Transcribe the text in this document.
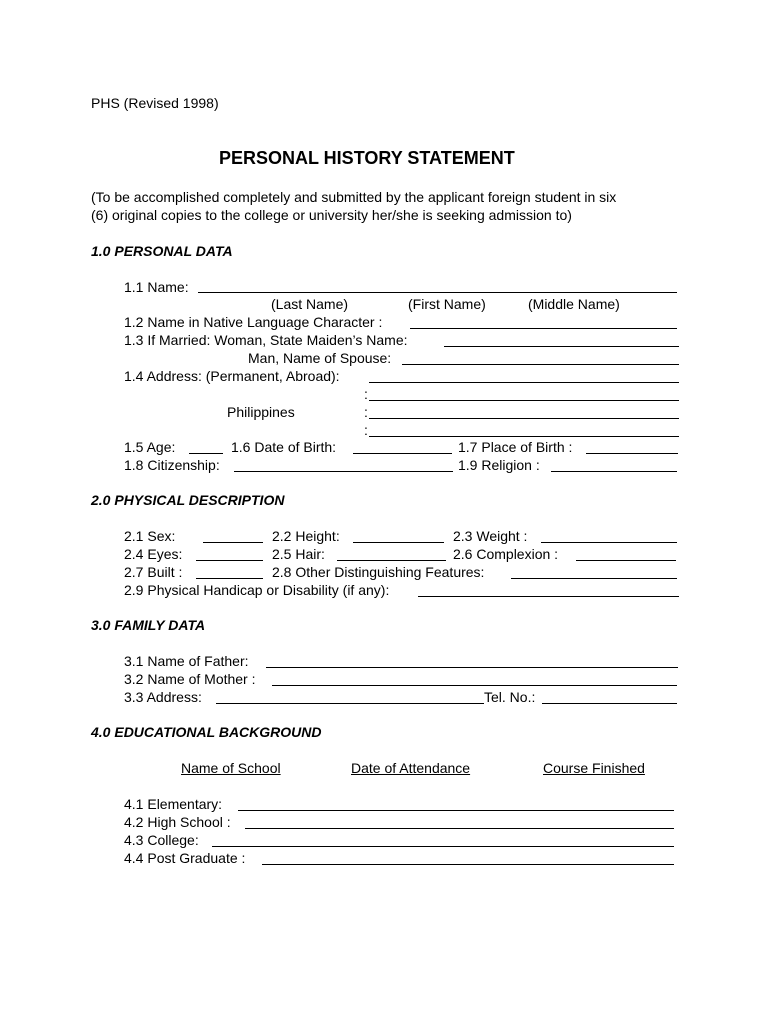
PHS (Revised 1998)
PERSONAL HISTORY STATEMENT
(To be accomplished completely and submitted by the applicant foreign student in six
(6) original copies to the college or university her/she is seeking admission to)
1.0 PERSONAL DATA
1.1 Name:
(Last Name)	(First Name)	(Middle Name)
1.2 Name in Native Language Character :
1.3 If Married: Woman, State Maiden’s Name:
Man, Name of Spouse:
1.4 Address: (Permanent, Abroad):
:
Philippines	:
:
1.5 Age:	1.6 Date of Birth:	1.7 Place of Birth :
1.8 Citizenship:	1.9 Religion :
2.0 PHYSICAL DESCRIPTION
2.1 Sex:	2.2 Height:	2.3 Weight :
2.4 Eyes:	2.5 Hair:	2.6 Complexion :
2.7 Built :	2.8 Other Distinguishing Features:
2.9 Physical Handicap or Disability (if any):
3.0 FAMILY DATA
3.1 Name of Father:
3.2 Name of Mother :
3.3 Address:	Tel. No.:
4.0 EDUCATIONAL BACKGROUND
Name of School	Date of Attendance	Course Finished
4.1 Elementary:
4.2 High School :
4.3 College:
4.4 Post Graduate :
